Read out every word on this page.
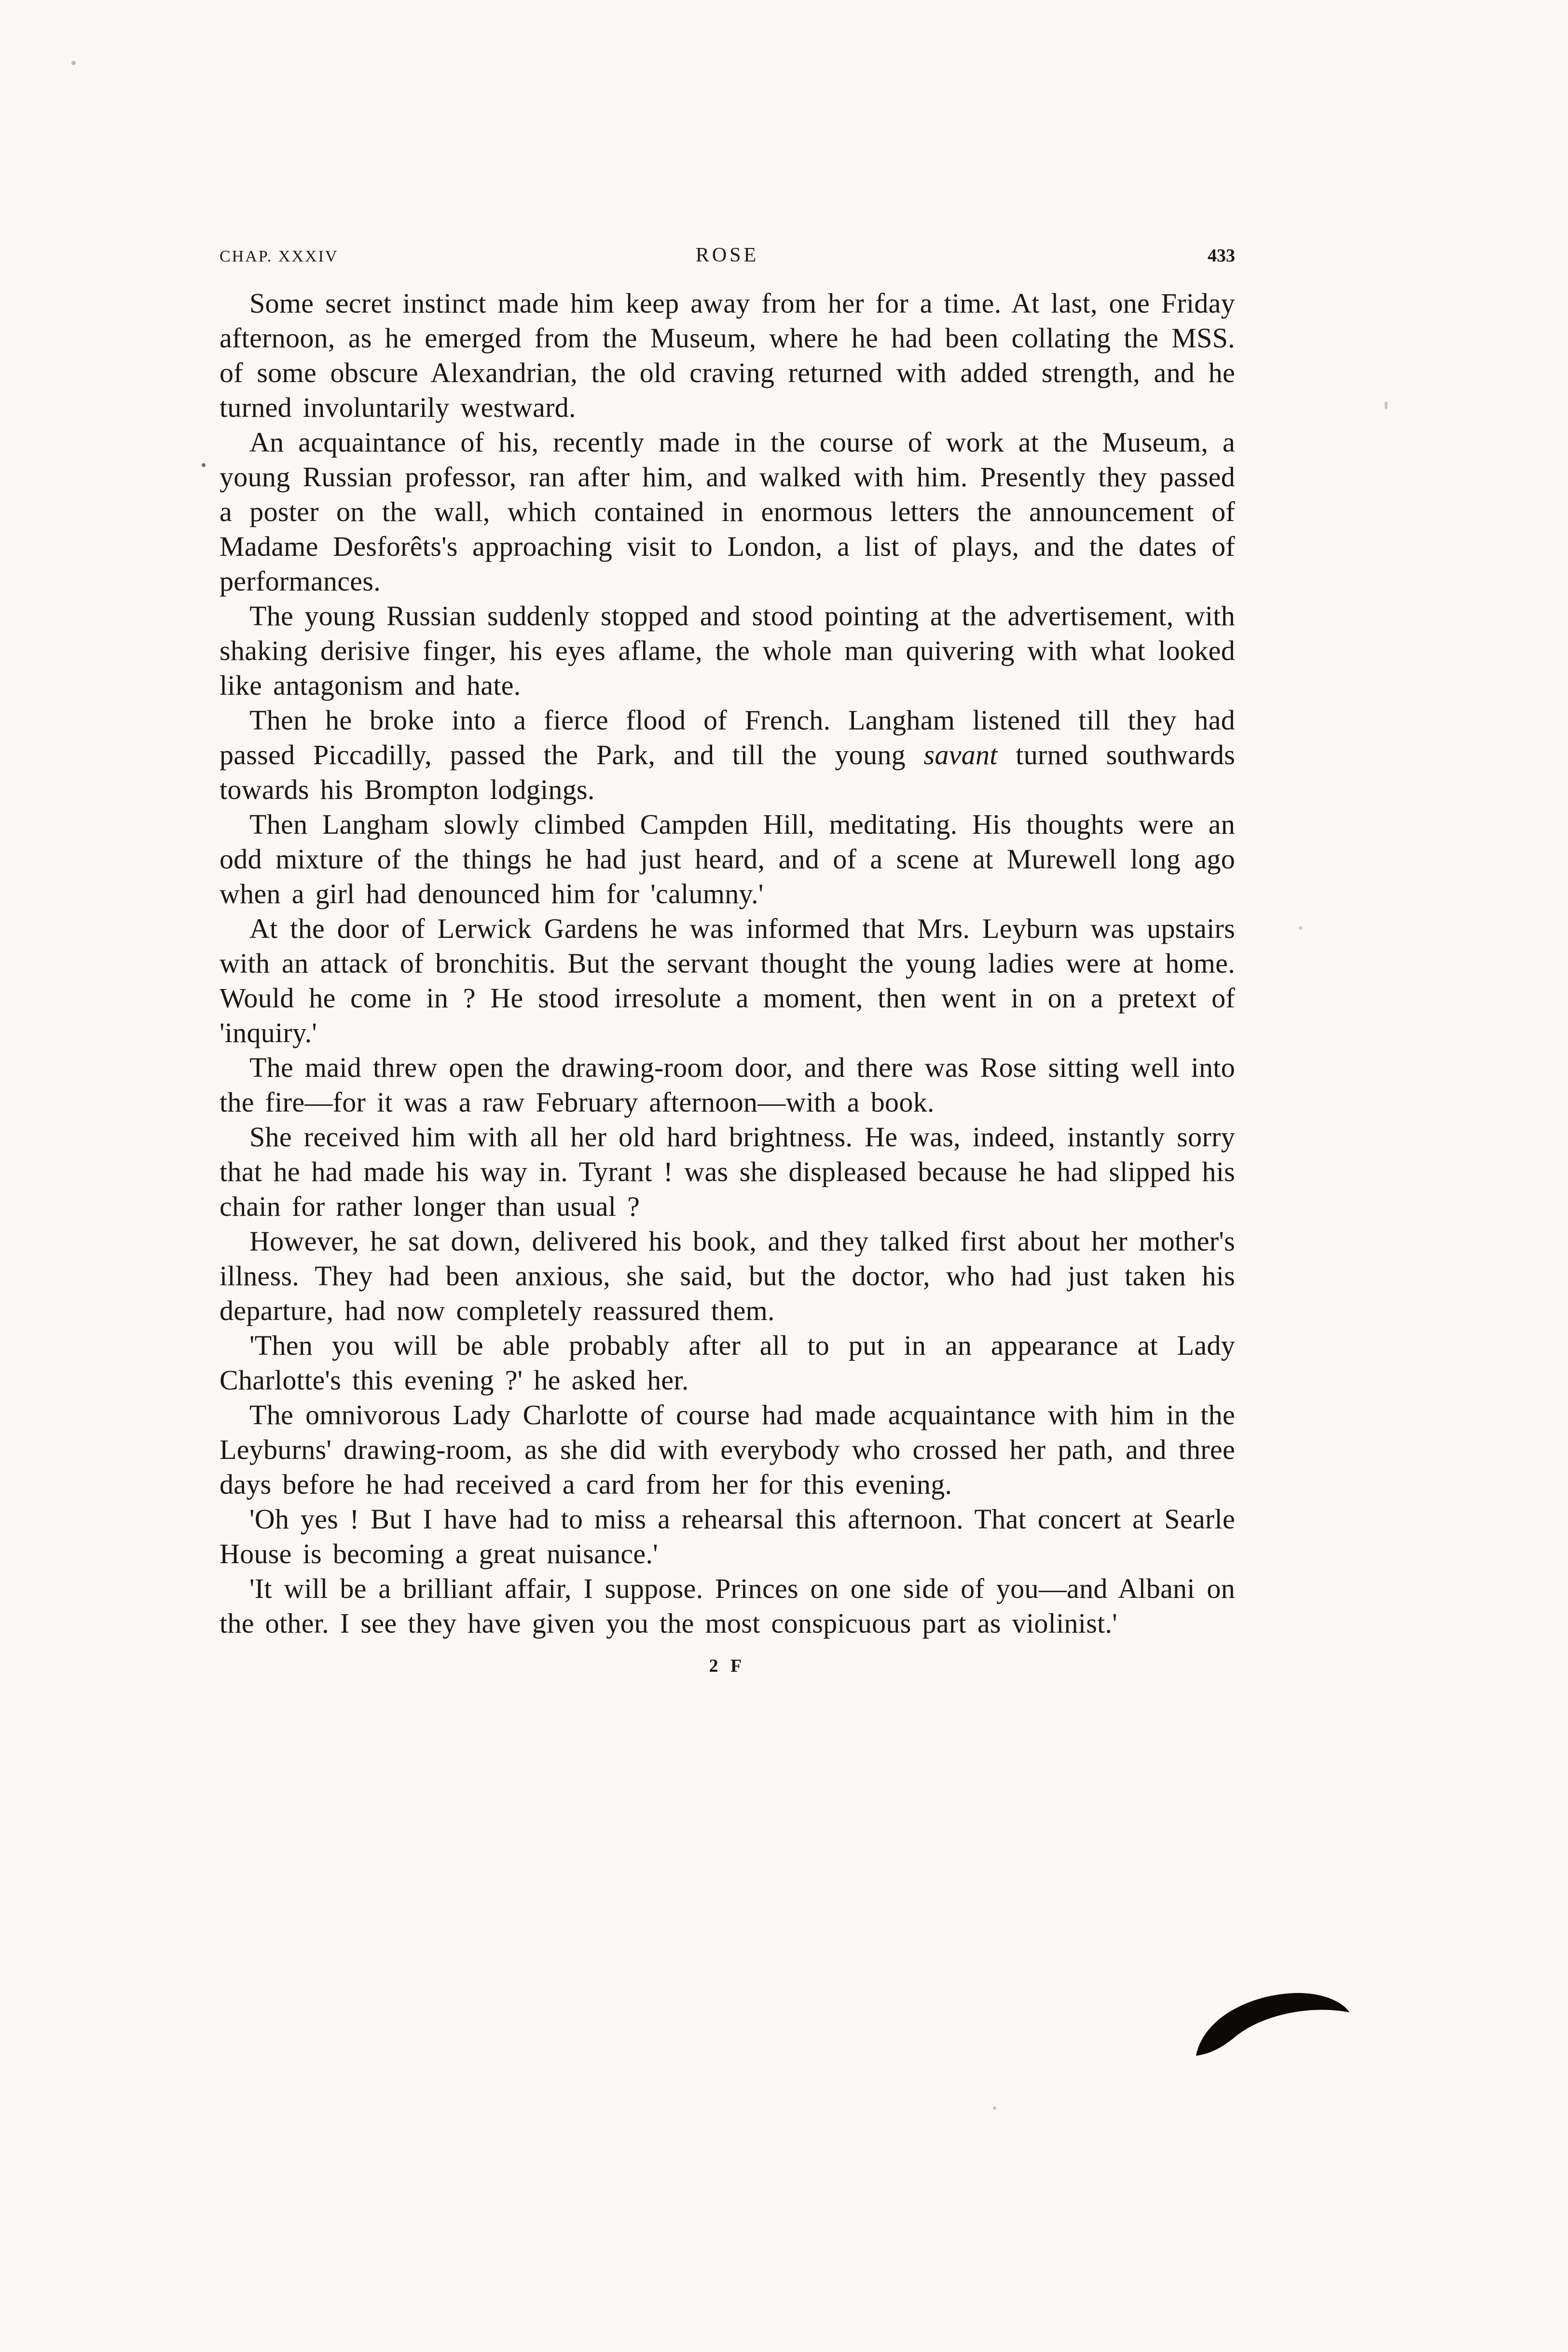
CHAP. XXXIV	ROSE	433

Some secret instinct made him keep away from her for a time. At last, one Friday afternoon, as he emerged from the Museum, where he had been collating the MSS. of some obscure Alexandrian, the old craving returned with added strength, and he turned involuntarily westward.

An acquaintance of his, recently made in the course of work at the Museum, a young Russian professor, ran after him, and walked with him. Presently they passed a poster on the wall, which contained in enormous letters the announcement of Madame Desforêts's approaching visit to London, a list of plays, and the dates of performances.

The young Russian suddenly stopped and stood pointing at the advertisement, with shaking derisive finger, his eyes aflame, the whole man quivering with what looked like antagonism and hate.

Then he broke into a fierce flood of French. Langham listened till they had passed Piccadilly, passed the Park, and till the young savant turned southwards towards his Brompton lodgings.

Then Langham slowly climbed Campden Hill, meditating. His thoughts were an odd mixture of the things he had just heard, and of a scene at Murewell long ago when a girl had denounced him for 'calumny.'

At the door of Lerwick Gardens he was informed that Mrs. Leyburn was upstairs with an attack of bronchitis. But the servant thought the young ladies were at home. Would he come in ? He stood irresolute a moment, then went in on a pretext of 'inquiry.'

The maid threw open the drawing-room door, and there was Rose sitting well into the fire—for it was a raw February afternoon—with a book.

She received him with all her old hard brightness. He was, indeed, instantly sorry that he had made his way in. Tyrant ! was she displeased because he had slipped his chain for rather longer than usual ?

However, he sat down, delivered his book, and they talked first about her mother's illness. They had been anxious, she said, but the doctor, who had just taken his departure, had now completely reassured them.

'Then you will be able probably after all to put in an appearance at Lady Charlotte's this evening ?' he asked her.

The omnivorous Lady Charlotte of course had made acquaintance with him in the Leyburns' drawing-room, as she did with everybody who crossed her path, and three days before he had received a card from her for this evening.

'Oh yes ! But I have had to miss a rehearsal this afternoon. That concert at Searle House is becoming a great nuisance.'

'It will be a brilliant affair, I suppose. Princes on one side of you—and Albani on the other. I see they have given you the most conspicuous part as violinist.'

2 F
